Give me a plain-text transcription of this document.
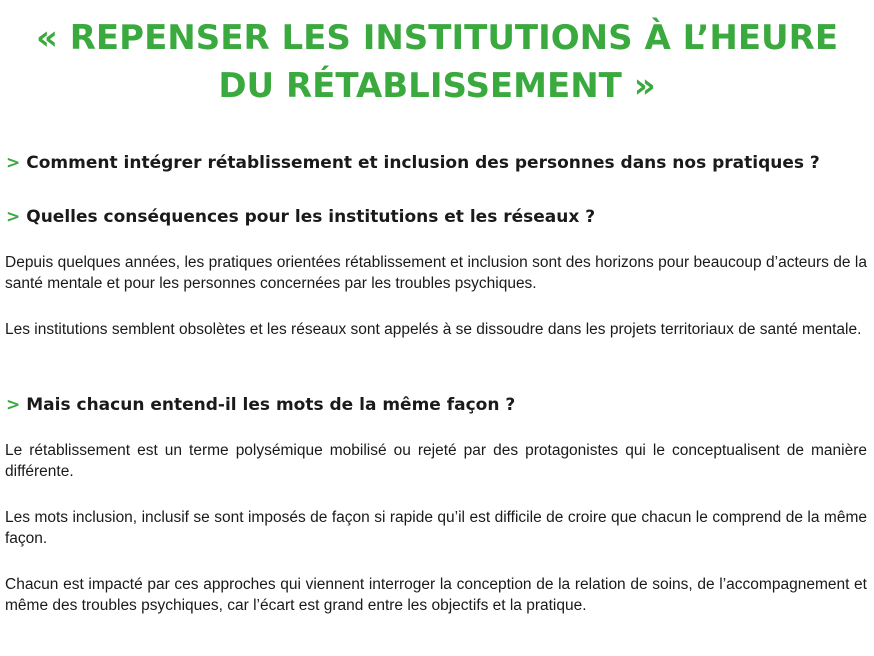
« REPENSER LES INSTITUTIONS À L’HEURE
DU RÉTABLISSEMENT »
> Comment intégrer rétablissement et inclusion des personnes dans nos pratiques ?
> Quelles conséquences pour les institutions et les réseaux ?
Depuis quelques années, les pratiques orientées rétablissement et inclusion sont des horizons pour beaucoup d’acteurs de la santé mentale et pour les personnes concernées par les troubles psychiques.
Les institutions semblent obsolètes et les réseaux sont appelés à se dissoudre dans les projets territoriaux de santé mentale.
> Mais chacun entend-il les mots de la même façon ?
Le rétablissement est un terme polysémique mobilisé ou rejeté par des protagonistes qui le conceptualisent de manière différente.
Les mots inclusion, inclusif se sont imposés de façon si rapide qu’il est difficile de croire que chacun le comprend de la même façon.
Chacun est impacté par ces approches qui viennent interroger la conception de la relation de soins, de l’accompagnement et même des troubles psychiques, car l’écart est grand entre les objectifs et la pratique.
